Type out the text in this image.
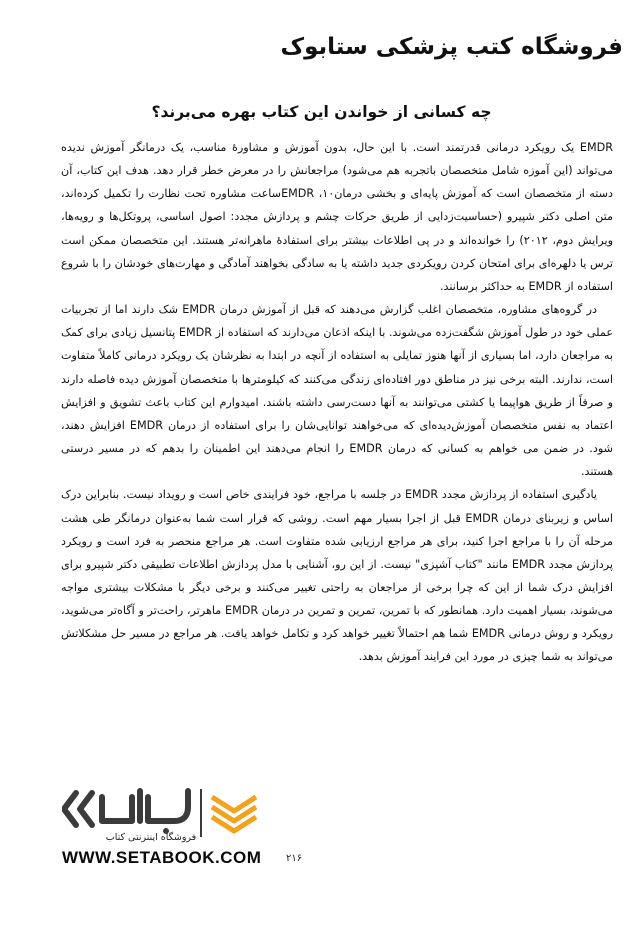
فروشگاه کتب پزشکی ستابوک
چه کسانی از خواندن این کتاب بهره می‌برند؟

EMDR یک رویکرد درمانی قدرتمند است. با این حال، بدون آموزش و مشاورۀ مناسب، یک درمانگر آموزش ندیده می‌تواند (این آموزه شامل متخصصان باتجربه هم می‌شود) مراجعانش را در معرض خطر قرار دهد. هدف این کتاب، آن دسته از متخصصان است که آموزش پایه‌ای و بخشی درمانEMDR ،۱۰ساعت مشاوره تحت نظارت را تکمیل کرده‌اند، متن اصلی دکتر شپیرو (حساسیت‌زدایی از طریق حرکات چشم و پردازش مجدد: اصول اساسی، پروتکل‌ها و رویه‌ها، ویرایش دوم، ۲۰۱۲) را خوانده‌اند و در پی اطلاعات بیشتر برای استفادۀ ماهرانه‌تر هستند. این متخصصان ممکن است ترس یا دلهره‌ای برای امتحان کردن رویکردی جدید داشته یا به سادگی بخواهند آمادگی و مهارت‌های خودشان را با شروع استفاده از EMDR به حداکثر برسانند.

در گروه‌های مشاوره، متخصصان اغلب گزارش می‌دهند که قبل از آموزش درمان EMDR شک دارند اما از تجربیات عملی خود در طول آموزش شگفت‌زده می‌شوند. با اینکه اذعان می‌دارند که استفاده از EMDR پتانسیل زیادی برای کمک به مراجعان دارد، اما بسیاری از آنها هنوز تمایلی به استفاده از آنچه در ابتدا به نظرشان یک رویکرد درمانی کاملاً متفاوت است، ندارند. البته برخی نیز در مناطق دور افتاده‌ای زندگی می‌کنند که کیلومترها با متخصصان آموزش دیده فاصله دارند و صرفاً از طریق هواپیما یا کشتی می‌توانند به آنها دست‌رسی داشته باشند. امیدوارم این کتاب باعث تشویق و افزایش اعتماد به نفس متخصصان آموزش‌دیده‌ای که می‌خواهند توانایی‌شان را برای استفاده از درمان EMDR افزایش دهند، شود. در ضمن می خواهم به کسانی که درمان EMDR را انجام می‌دهند این اطمینان را بدهم که در مسیر درستی هستند.

یادگیری استفاده از پردازش مجدد EMDR در جلسه با مراجع، خود فرایندی خاص است و رویداد نیست. بنابراین درک اساس و زیربنای درمان EMDR قبل از اجرا بسیار مهم است. روشی که قرار است شما به‌عنوان درمانگر طی هشت مرحله آن را با مراجع اجرا کنید، برای هر مراجع ارزیابی شده متفاوت است. هر مراجع منحصر به فرد است و رویکرد پردازش مجدد EMDR مانند "کتاب آشپزی" نیست. از این رو، آشنایی با مدل پردازش اطلاعات تطبیقی دکتر شپیرو برای افزایش درک شما از این که چرا برخی از مراجعان به راحتی تغییر می‌کنند و برخی دیگر با مشکلات بیشتری مواجه می‌شوند، بسیار اهمیت دارد. همانطور که با تمرین، تمرین و تمرین در درمان EMDR ماهرتر، راحت‌تر و آگاه‌تر می‌شوید، رویکرد و روش درمانی EMDR شما هم احتمالاً تغییر خواهد کرد و تکامل خواهد یافت. هر مراجع در مسیر حل مشکلاتش می‌تواند به شما چیزی در مورد این فرایند آموزش بدهد.

فروشگاه اینترنتی کتاب
WWW.SETABOOK.COM ۲۱۶
